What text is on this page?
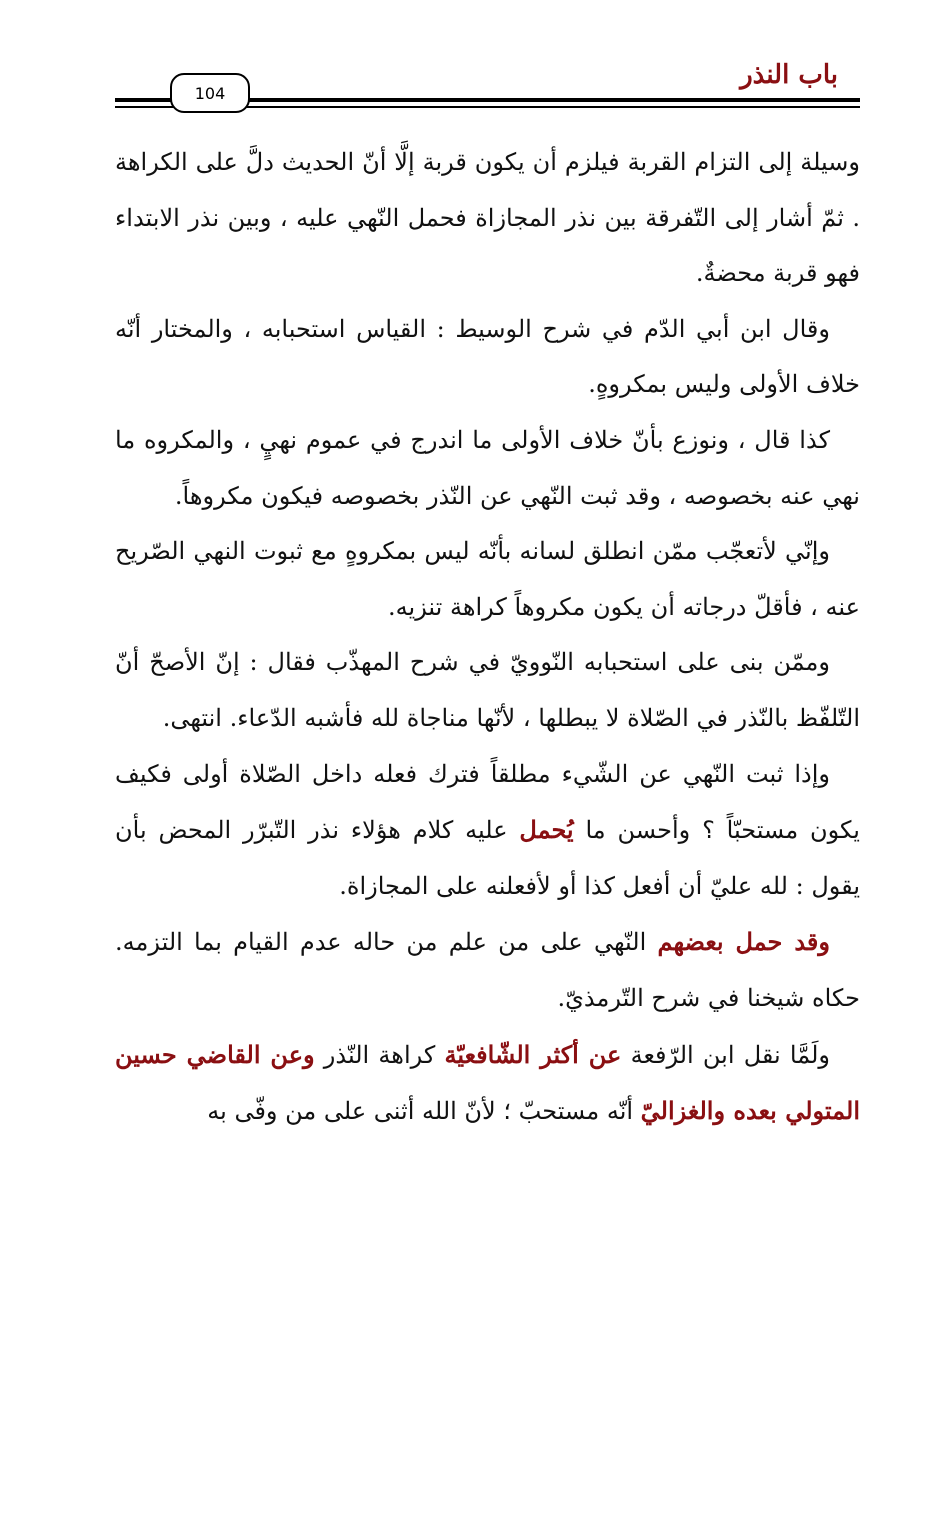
باب النذر
104

وسيلة إلى التزام القربة فيلزم أن يكون قربة إلَّا أنّ الحديث دلَّ على الكراهة . ثمّ أشار إلى التّفرقة بين نذر المجازاة فحمل النّهي عليه ، وبين نذر الابتداء فهو قربة محضةٌ.

وقال ابن أبي الدّم في شرح الوسيط : القياس استحبابه ، والمختار أنّه خلاف الأولى وليس بمكروهٍ.

كذا قال ، ونوزع بأنّ خلاف الأولى ما اندرج في عموم نهيٍ ، والمكروه ما نهي عنه بخصوصه ، وقد ثبت النّهي عن النّذر بخصوصه فيكون مكروهاً.

وإنّي لأتعجّب ممّن انطلق لسانه بأنّه ليس بمكروهٍ مع ثبوت النهي الصّريح عنه ، فأقلّ درجاته أن يكون مكروهاً كراهة تنزيه.

وممّن بنى على استحبابه النّوويّ في شرح المهذّب فقال : إنّ الأصحّ أنّ التّلفّظ بالنّذر في الصّلاة لا يبطلها ، لأنّها مناجاة لله فأشبه الدّعاء. انتهى.

وإذا ثبت النّهي عن الشّيء مطلقاً فترك فعله داخل الصّلاة أولى فكيف يكون مستحبّاً ؟ وأحسن ما يُحمل عليه كلام هؤلاء نذر التّبرّر المحض بأن يقول : لله عليّ أن أفعل كذا أو لأفعلنه على المجازاة.

وقد حمل بعضهم النّهي على من علم من حاله عدم القيام بما التزمه. حكاه شيخنا في شرح التّرمذيّ.

ولَمَّا نقل ابن الرّفعة عن أكثر الشّافعيّة كراهة النّذر وعن القاضي حسين المتولي بعده والغزاليّ أنّه مستحبّ ؛ لأنّ الله أثنى على من وفّى به
